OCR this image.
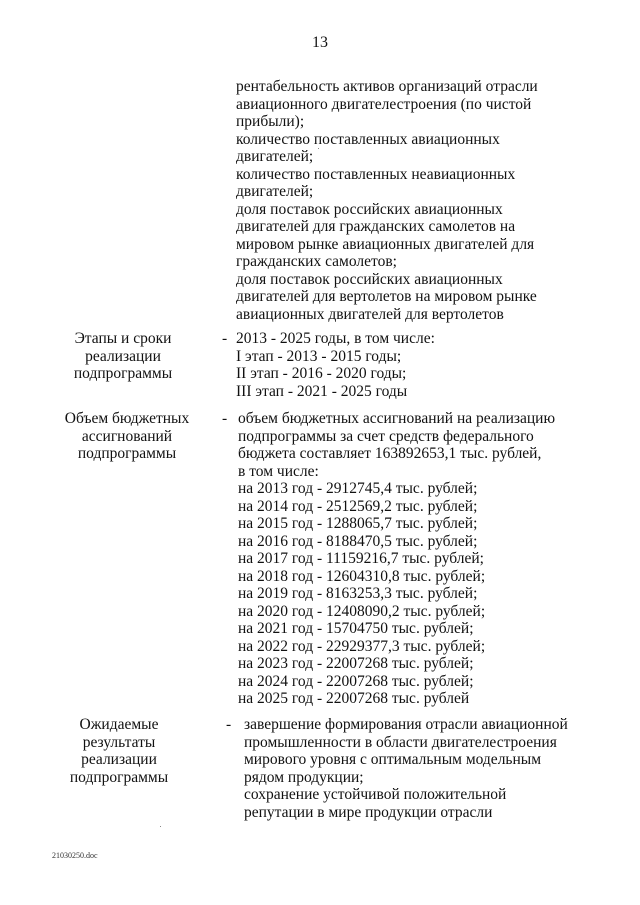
13
рентабельность активов организаций отрасли
авиационного двигателестроения (по чистой
прибыли);
количество поставленных авиационных
двигателей;
количество поставленных неавиационных
двигателей;
доля поставок российских авиационных
двигателей для гражданских самолетов на
мировом рынке авиационных двигателей для
гражданских самолетов;
доля поставок российских авиационных
двигателей для вертолетов на мировом рынке
авиационных двигателей для вертолетов
Этапы и сроки
реализации
подпрограммы
- 2013 - 2025 годы, в том числе:
I этап - 2013 - 2015 годы;
II этап - 2016 - 2020 годы;
III этап - 2021 - 2025 годы
Объем бюджетных
ассигнований
подпрограммы
- объем бюджетных ассигнований на реализацию
подпрограммы за счет средств федерального
бюджета составляет 163892653,1 тыс. рублей,
в том числе:
на 2013 год - 2912745,4 тыс. рублей;
на 2014 год - 2512569,2 тыс. рублей;
на 2015 год - 1288065,7 тыс. рублей;
на 2016 год - 8188470,5 тыс. рублей;
на 2017 год - 11159216,7 тыс. рублей;
на 2018 год - 12604310,8 тыс. рублей;
на 2019 год - 8163253,3 тыс. рублей;
на 2020 год - 12408090,2 тыс. рублей;
на 2021 год - 15704750 тыс. рублей;
на 2022 год - 22929377,3 тыс. рублей;
на 2023 год - 22007268 тыс. рублей;
на 2024 год - 22007268 тыс. рублей;
на 2025 год - 22007268 тыс. рублей
Ожидаемые
результаты
реализации
подпрограммы
- завершение формирования отрасли авиационной
промышленности в области двигателестроения
мирового уровня с оптимальным модельным
рядом продукции;
сохранение устойчивой положительной
репутации в мире продукции отрасли
21030250.doc
